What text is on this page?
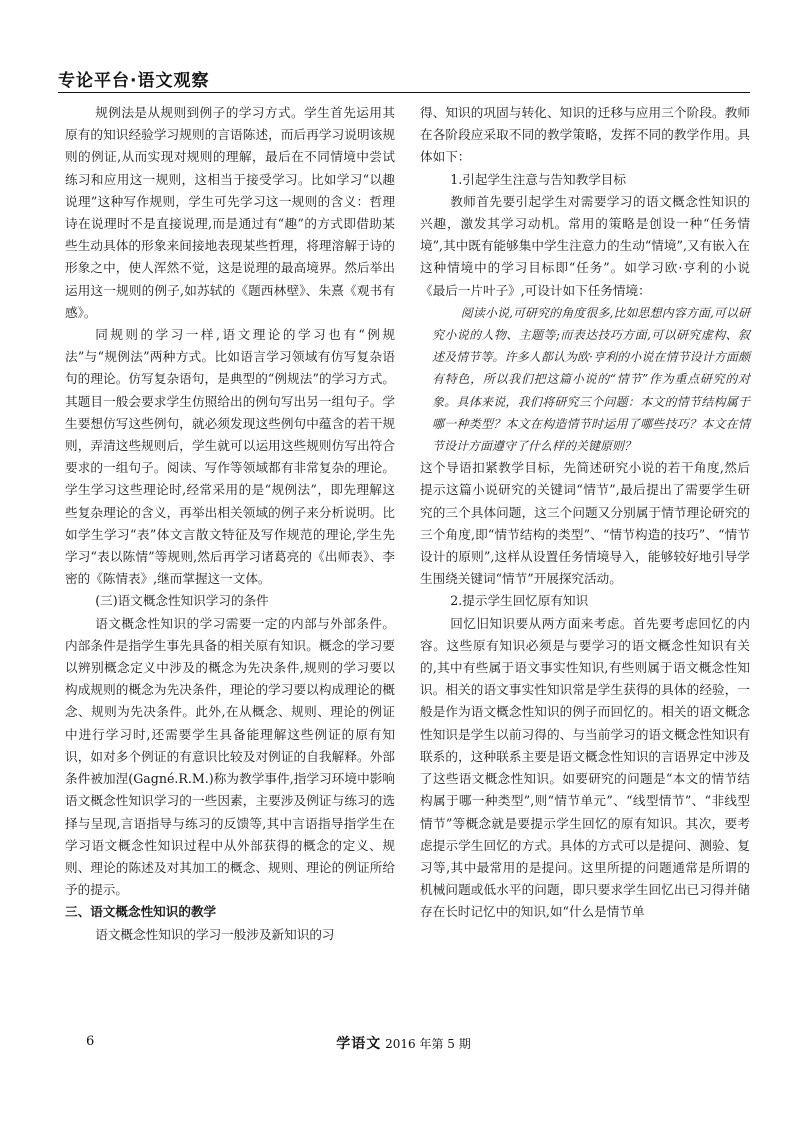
专论平台·语文观察

规例法是从规则到例子的学习方式。学生首先运用其原有的知识经验学习规则的言语陈述，而后再学习说明该规则的例证,从而实现对规则的理解，最后在不同情境中尝试练习和应用这一规则，这相当于接受学习。比如学习“以趣说理”这种写作规则，学生可先学习这一规则的含义：哲理诗在说理时不是直接说理,而是通过有“趣”的方式即借助某些生动具体的形象来间接地表现某些哲理，将理溶解于诗的形象之中，使人浑然不觉，这是说理的最高境界。然后举出运用这一规则的例子,如苏轼的《题西林壁》、朱熹《观书有感》。

同规则的学习一样,语文理论的学习也有“例规法”与“规例法”两种方式。比如语言学习领域有仿写复杂语句的理论。仿写复杂语句，是典型的“例规法”的学习方式。其题目一般会要求学生仿照给出的例句写出另一组句子。学生要想仿写这些例句，就必须发现这些例句中蕴含的若干规则，弄清这些规则后，学生就可以运用这些规则仿写出符合要求的一组句子。阅读、写作等领域都有非常复杂的理论。学生学习这些理论时,经常采用的是“规例法”，即先理解这些复杂理论的含义，再举出相关领域的例子来分析说明。比如学生学习“表”体文言散文特征及写作规范的理论,学生先学习“表以陈情”等规则,然后再学习诸葛亮的《出师表》、李密的《陈情表》,继而掌握这一文体。

(三)语文概念性知识学习的条件

语文概念性知识的学习需要一定的内部与外部条件。内部条件是指学生事先具备的相关原有知识。概念的学习要以辨别概念定义中涉及的概念为先决条件,规则的学习要以构成规则的概念为先决条件，理论的学习要以构成理论的概念、规则为先决条件。此外,在从概念、规则、理论的例证中进行学习时,还需要学生具备能理解这些例证的原有知识，如对多个例证的有意识比较及对例证的自我解释。外部条件被加涅(Gagné.R.M.)称为教学事件,指学习环境中影响语文概念性知识学习的一些因素，主要涉及例证与练习的选择与呈现,言语指导与练习的反馈等,其中言语指导指学生在学习语文概念性知识过程中从外部获得的概念的定义、规则、理论的陈述及对其加工的概念、规则、理论的例证所给予的提示。

三、语文概念性知识的教学

语文概念性知识的学习一般涉及新知识的习

得、知识的巩固与转化、知识的迁移与应用三个阶段。教师在各阶段应采取不同的教学策略，发挥不同的教学作用。具体如下：

1.引起学生注意与告知教学目标

教师首先要引起学生对需要学习的语文概念性知识的兴趣，激发其学习动机。常用的策略是创设一种“任务情境”,其中既有能够集中学生注意力的生动“情境”,又有嵌入在这种情境中的学习目标即“任务”。如学习欧·亨利的小说《最后一片叶子》,可设计如下任务情境：

阅读小说,可研究的角度很多,比如思想内容方面,可以研究小说的人物、主题等;而表达技巧方面,可以研究虚构、叙述及情节等。许多人都认为欧·亨利的小说在情节设计方面颇有特色，所以我们把这篇小说的“情节”作为重点研究的对象。具体来说，我们将研究三个问题：本文的情节结构属于哪一种类型？本文在构造情节时运用了哪些技巧？本文在情节设计方面遵守了什么样的关键原则？

这个导语扣紧教学目标，先简述研究小说的若干角度,然后提示这篇小说研究的关键词“情节”,最后提出了需要学生研究的三个具体问题，这三个问题又分别属于情节理论研究的三个角度,即“情节结构的类型”、“情节构造的技巧”、“情节设计的原则”,这样从设置任务情境导入，能够较好地引导学生围绕关键词“情节”开展探究活动。

2.提示学生回忆原有知识

回忆旧知识要从两方面来考虑。首先要考虑回忆的内容。这些原有知识必须是与要学习的语文概念性知识有关的,其中有些属于语文事实性知识,有些则属于语文概念性知识。相关的语文事实性知识常是学生获得的具体的经验，一般是作为语文概念性知识的例子而回忆的。相关的语文概念性知识是学生以前习得的、与当前学习的语文概念性知识有联系的，这种联系主要是语文概念性知识的言语界定中涉及了这些语文概念性知识。如要研究的问题是“本文的情节结构属于哪一种类型”,则“情节单元”、“线型情节”、“非线型情节”等概念就是要提示学生回忆的原有知识。其次，要考虑提示学生回忆的方式。具体的方式可以是提问、测验、复习等,其中最常用的是提问。这里所提的问题通常是所谓的机械问题或低水平的问题，即只要求学生回忆出已习得并储存在长时记忆中的知识,如“什么是情节单

6	学语文 2016 年第 5 期
